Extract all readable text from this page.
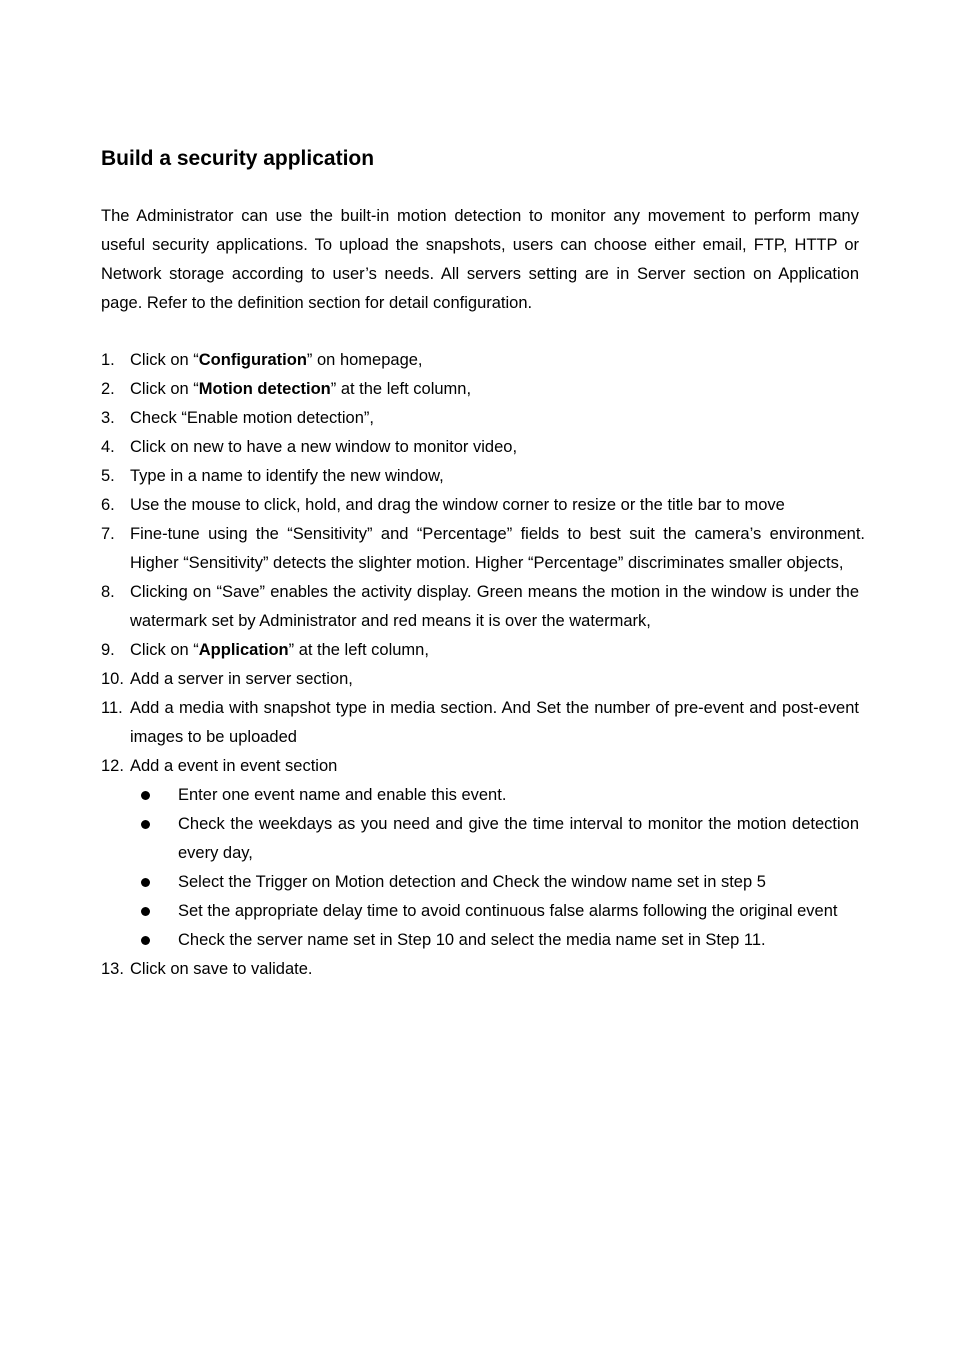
Build a security application

The Administrator can use the built-in motion detection to monitor any movement to perform many useful security applications. To upload the snapshots, users can choose either email, FTP, HTTP or Network storage according to user’s needs. All servers setting are in Server section on Application page. Refer to the definition section for detail configuration.

1. Click on “Configuration” on homepage,
2. Click on “Motion detection” at the left column,
3. Check “Enable motion detection”,
4. Click on new to have a new window to monitor video,
5. Type in a name to identify the new window,
6. Use the mouse to click, hold, and drag the window corner to resize or the title bar to move
7. Fine-tune using the “Sensitivity” and “Percentage” fields to best suit the camera’s environment. Higher “Sensitivity” detects the slighter motion. Higher “Percentage” discriminates smaller objects,
8. Clicking on “Save” enables the activity display. Green means the motion in the window is under the watermark set by Administrator and red means it is over the watermark,
9. Click on “Application” at the left column,
10. Add a server in server section,
11. Add a media with snapshot type in media section. And Set the number of pre-event and post-event images to be uploaded
12. Add a event in event section
Enter one event name and enable this event.
Check the weekdays as you need and give the time interval to monitor the motion detection every day,
Select the Trigger on Motion detection and Check the window name set in step 5
Set the appropriate delay time to avoid continuous false alarms following the original event
Check the server name set in Step 10 and select the media name set in Step 11.
13. Click on save to validate.
